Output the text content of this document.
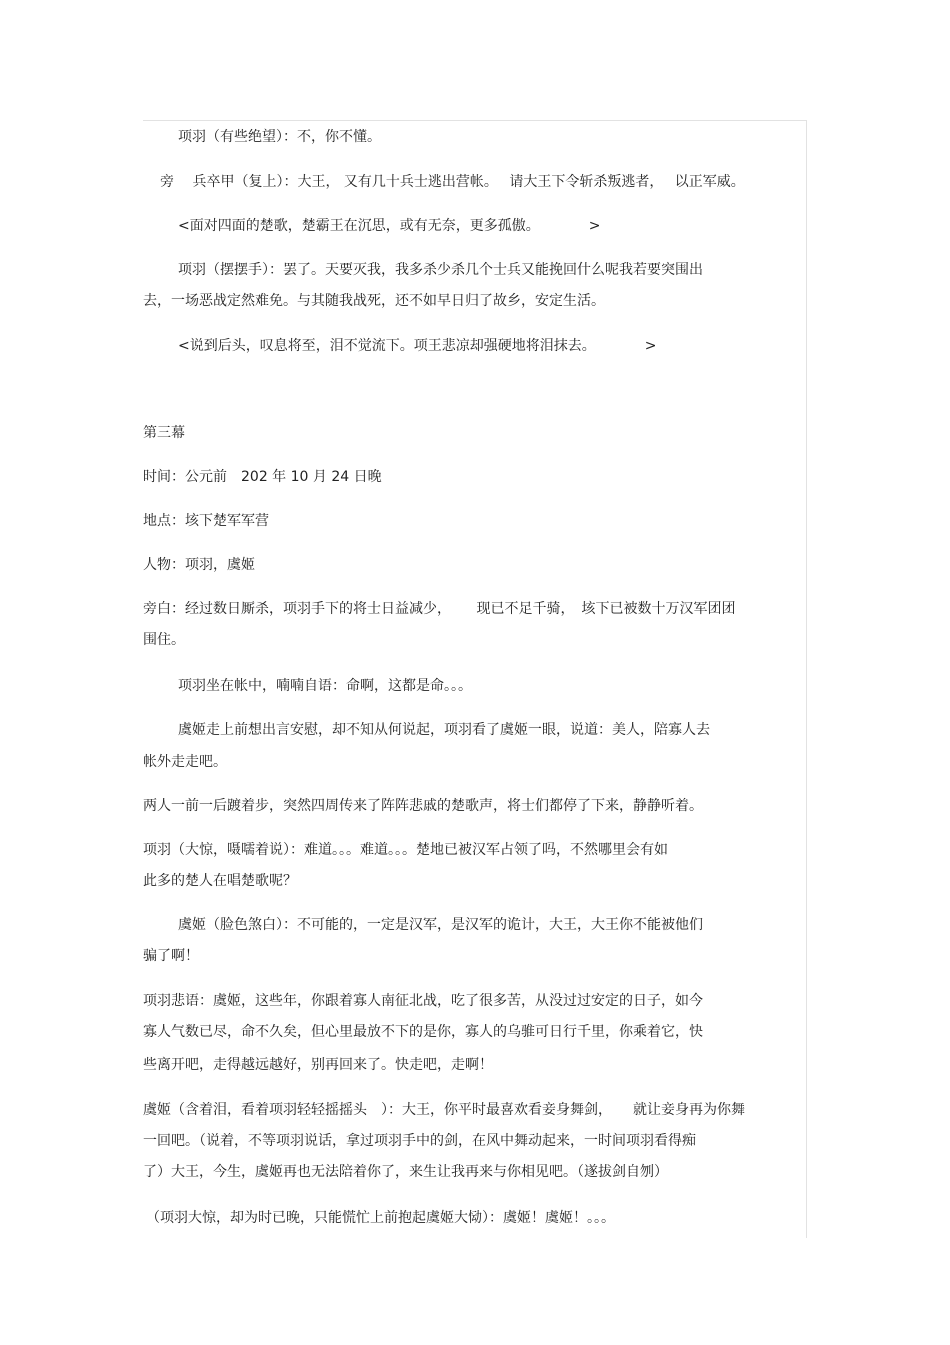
项羽（有些绝望）：不，你不懂。

旁　 兵卒甲（复上）：大王， 又有几十兵士逃出营帐。　 请大王下令斩杀叛逃者，　 以正军威。

<面对四面的楚歌，楚霸王在沉思，或有无奈，更多孤傲。　　　　>

项羽（摆摆手）：罢了。天要灭我，我多杀少杀几个士兵又能挽回什么呢我若要突围出

去，一场恶战定然难免。与其随我战死，还不如早日归了故乡，安定生活。

<说到后头，叹息将至，泪不觉流下。项王悲凉却强硬地将泪抹去。　　　　>

第三幕

时间：公元前　202 年 10 月 24 日晚

地点：垓下楚军军营

人物：项羽，虞姬

旁白：经过数日厮杀，项羽手下的将士日益减少，　　 现已不足千骑，　垓下已被数十万汉军团团

围住。

项羽坐在帐中，喃喃自语：命啊，这都是命。。。

虞姬走上前想出言安慰，却不知从何说起，项羽看了虞姬一眼，说道：美人，陪寡人去

帐外走走吧。

两人一前一后踱着步，突然四周传来了阵阵悲戚的楚歌声，将士们都停了下来，静静听着。

项羽（大惊，嗫嚅着说）：难道。。。难道。。。楚地已被汉军占领了吗，不然哪里会有如

此多的楚人在唱楚歌呢？

虞姬（脸色煞白）：不可能的，一定是汉军，是汉军的诡计，大王，大王你不能被他们

骗了啊！

项羽悲语：虞姬，这些年，你跟着寡人南征北战，吃了很多苦，从没过过安定的日子，如今

寡人气数已尽，命不久矣，但心里最放不下的是你，寡人的乌骓可日行千里，你乘着它，快

些离开吧，走得越远越好，别再回来了。快走吧，走啊！

虞姬（含着泪，看着项羽轻轻摇摇头　）：大王，你平时最喜欢看妾身舞剑，　　就让妾身再为你舞

一回吧。（说着，不等项羽说话，拿过项羽手中的剑，在风中舞动起来，一时间项羽看得痴

了）大王，今生，虞姬再也无法陪着你了，来生让我再来与你相见吧。（遂拔剑自刎）

（项羽大惊，却为时已晚，只能慌忙上前抱起虞姬大恸）：虞姬！虞姬！。。。
